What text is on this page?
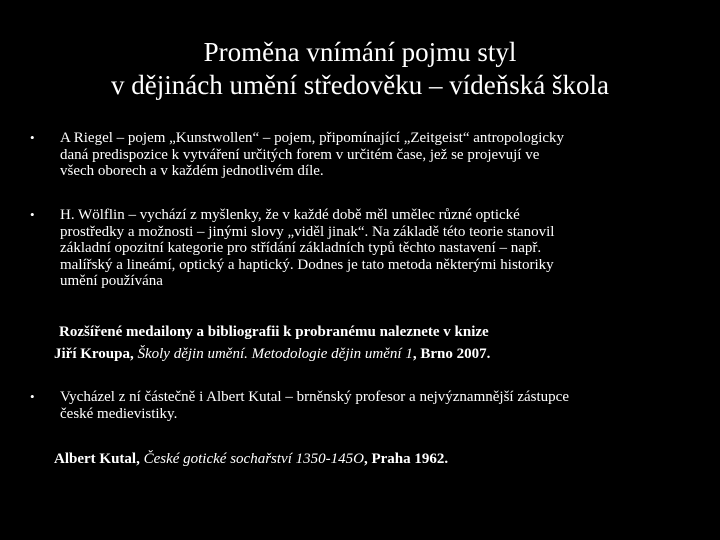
Proměna vnímání pojmu styl
v dějinách umění středověku – vídeňská škola
• A Riegel – pojem „Kunstwollen“ – pojem, připomínající „Zeitgeist“ antropologicky
daná predispozice k vytváření určitých forem v určitém čase, jež se projevují ve
všech oborech a v každém jednotlivém díle.
• H. Wölflin – vychází z myšlenky, že v každé době měl umělec různé optické
prostředky a možnosti – jinými slovy „viděl jinak“. Na základě této teorie stanovil
základní opozitní kategorie pro střídání základních typů těchto nastavení – např.
malířský a lineámí, optický a haptický. Dodnes je tato metoda některými historiky
umění používána
Rozšířené medailony a bibliografii k probranému naleznete v knize
Jiří Kroupa, Školy dějin umění. Metodologie dějin umění 1, Brno 2007.
• Vycházel z ní částečně i Albert Kutal – brněnský profesor a nejvýznamnější zástupce
české medievistiky.
Albert Kutal, České gotické sochařství 1350-145O, Praha 1962.
